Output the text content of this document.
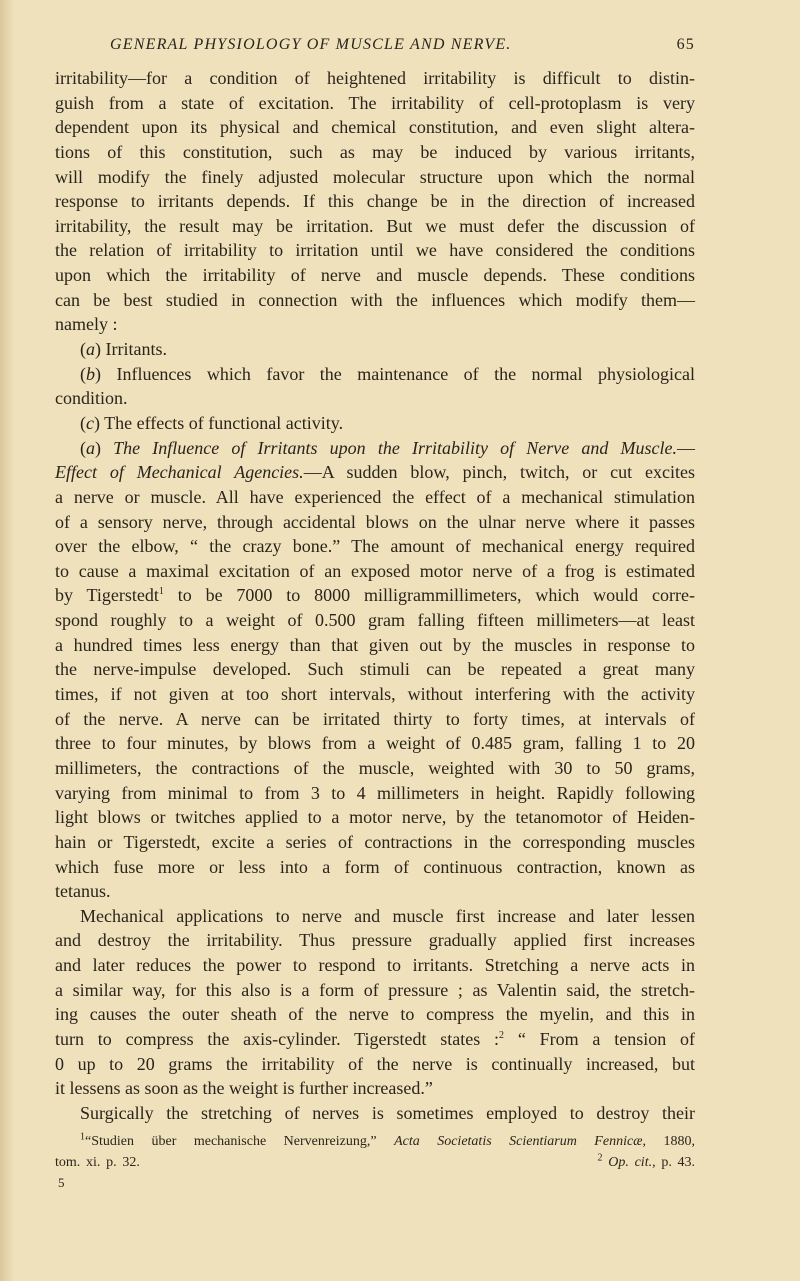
GENERAL PHYSIOLOGY OF MUSCLE AND NERVE.	65
irritability—for a condition of heightened irritability is difficult to distin-
guish from a state of excitation. The irritability of cell-protoplasm is very
dependent upon its physical and chemical constitution, and even slight altera-
tions of this constitution, such as may be induced by various irritants,
will modify the finely adjusted molecular structure upon which the normal
response to irritants depends. If this change be in the direction of increased
irritability, the result may be irritation. But we must defer the discussion of
the relation of irritability to irritation until we have considered the conditions
upon which the irritability of nerve and muscle depends. These conditions
can be best studied in connection with the influences which modify them—
namely :
(a) Irritants.
(b) Influences which favor the maintenance of the normal physiological
condition.
(c) The effects of functional activity.
(a) The Influence of Irritants upon the Irritability of Nerve and Muscle.—
Effect of Mechanical Agencies.—A sudden blow, pinch, twitch, or cut excites
a nerve or muscle. All have experienced the effect of a mechanical stimulation
of a sensory nerve, through accidental blows on the ulnar nerve where it passes
over the elbow, “ the crazy bone.” The amount of mechanical energy required
to cause a maximal excitation of an exposed motor nerve of a frog is estimated
by Tigerstedt$^1$ to be 7000 to 8000 milligrammillimeters, which would corre-
spond roughly to a weight of 0.500 gram falling fifteen millimeters—at least
a hundred times less energy than that given out by the muscles in response to
the nerve-impulse developed. Such stimuli can be repeated a great many
times, if not given at too short intervals, without interfering with the activity
of the nerve. A nerve can be irritated thirty to forty times, at intervals of
three to four minutes, by blows from a weight of 0.485 gram, falling 1 to 20
millimeters, the contractions of the muscle, weighted with 30 to 50 grams,
varying from minimal to from 3 to 4 millimeters in height. Rapidly following
light blows or twitches applied to a motor nerve, by the tetanomotor of Heiden-
hain or Tigerstedt, excite a series of contractions in the corresponding muscles
which fuse more or less into a form of continuous contraction, known as
tetanus.
Mechanical applications to nerve and muscle first increase and later lessen
and destroy the irritability. Thus pressure gradually applied first increases
and later reduces the power to respond to irritants. Stretching a nerve acts in
a similar way, for this also is a form of pressure ; as Valentin said, the stretch-
ing causes the outer sheath of the nerve to compress the myelin, and this in
turn to compress the axis-cylinder. Tigerstedt states :$^2$ “ From a tension of
0 up to 20 grams the irritability of the nerve is continually increased, but
it lessens as soon as the weight is further increased.”
Surgically the stretching of nerves is sometimes employed to destroy their
$^1$“Studien über mechanische Nervenreizung,” Acta Societatis Scientiarum Fennicæ, 1880,
tom. xi. p. 32.	$^2$ Op. cit., p. 43.
5
